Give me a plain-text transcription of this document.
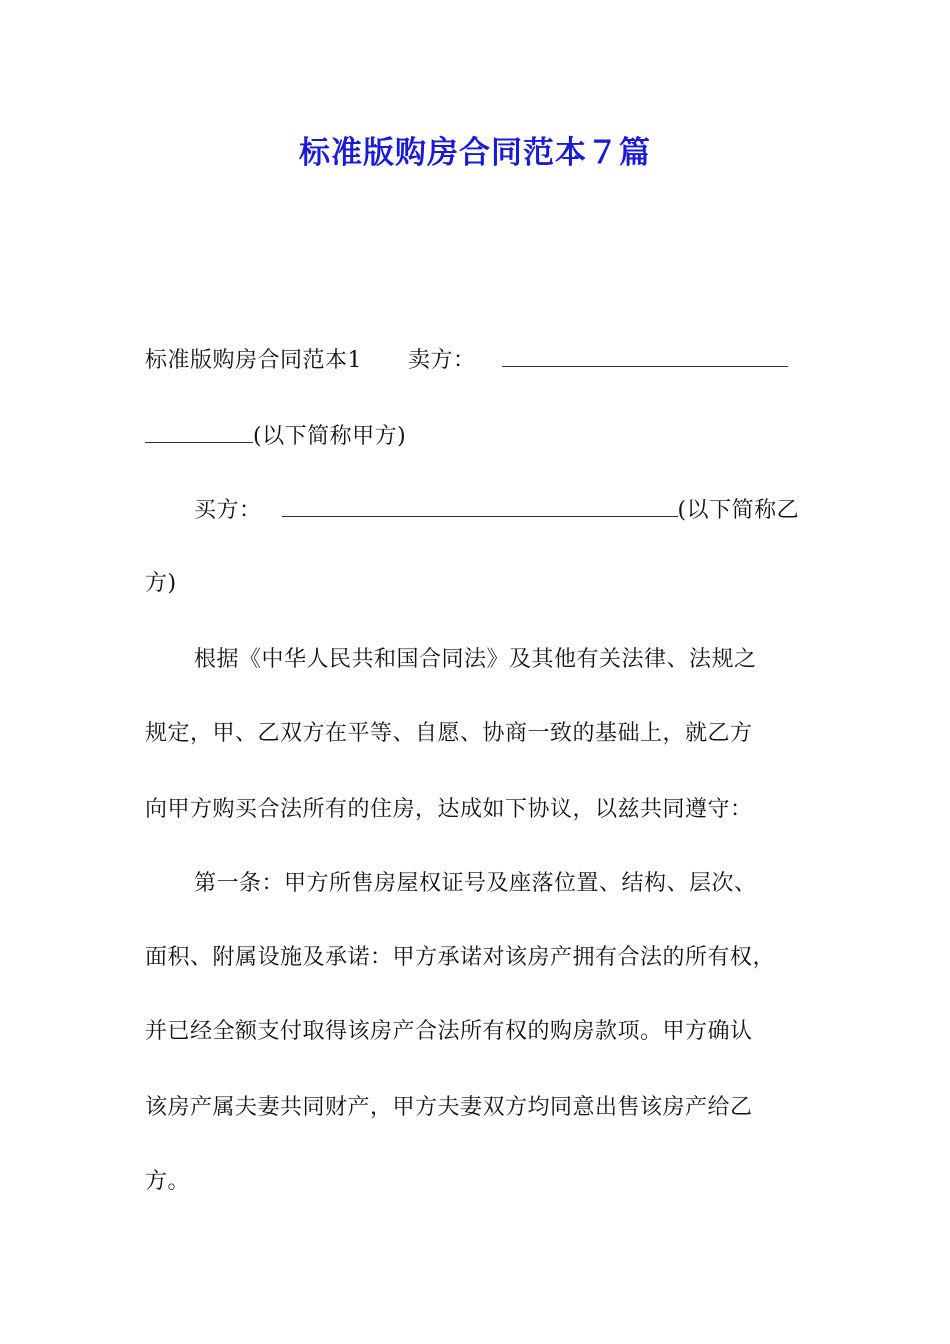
标准版购房合同范本７篇
标准版购房合同范本1 卖方：
(以下简称甲方)
买方：	(以下简称乙
方)
根据《中华人民共和国合同法》及其他有关法律、法规之
规定，甲、乙双方在平等、自愿、协商一致的基础上，就乙方
向甲方购买合法所有的住房，达成如下协议，以兹共同遵守：
第一条：甲方所售房屋权证号及座落位置、结构、层次、
面积、附属设施及承诺：甲方承诺对该房产拥有合法的所有权，
并已经全额支付取得该房产合法所有权的购房款项。甲方确认
该房产属夫妻共同财产，甲方夫妻双方均同意出售该房产给乙
方。
